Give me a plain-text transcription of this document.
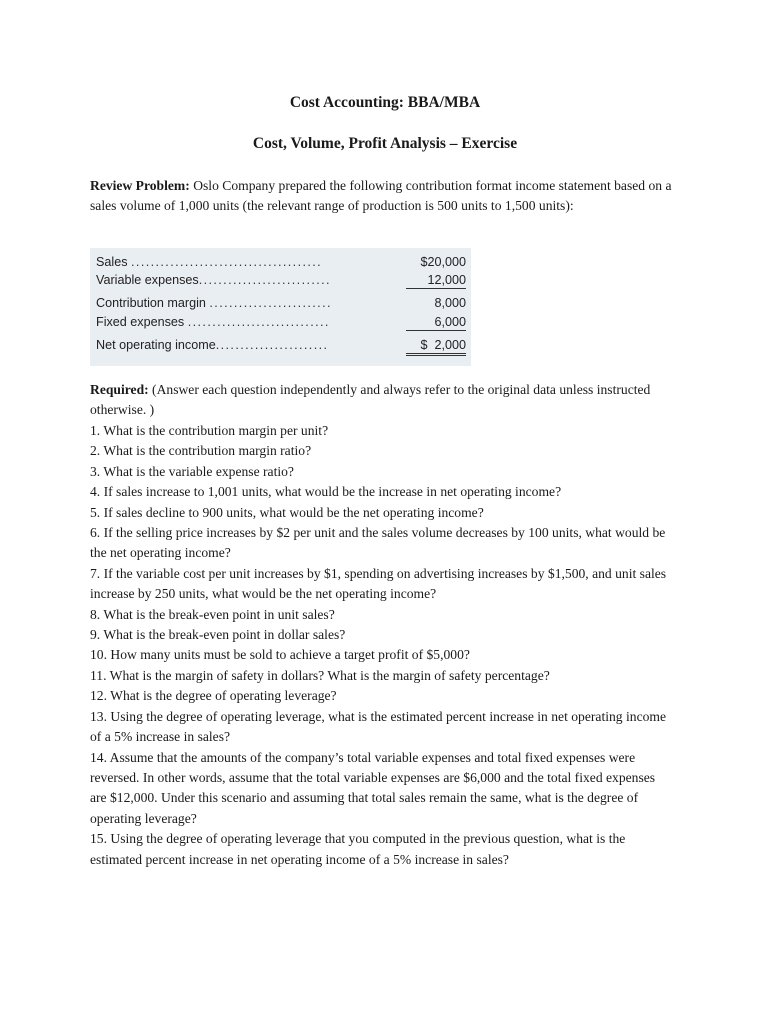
Cost Accounting: BBA/MBA
Cost, Volume, Profit Analysis – Exercise
Review Problem: Oslo Company prepared the following contribution format income statement based on a sales volume of 1,000 units (the relevant range of production is 500 units to 1,500 units):
Sales .......................................	$20,000
Variable expenses...........................	12,000
Contribution margin .........................	8,000
Fixed expenses .............................	6,000
Net operating income.......................	$  2,000
Required: (Answer each question independently and always refer to the original data unless instructed otherwise. )
1. What is the contribution margin per unit?
2. What is the contribution margin ratio?
3. What is the variable expense ratio?
4. If sales increase to 1,001 units, what would be the increase in net operating income?
5. If sales decline to 900 units, what would be the net operating income?
6. If the selling price increases by $2 per unit and the sales volume decreases by 100 units, what would be the net operating income?
7. If the variable cost per unit increases by $1, spending on advertising increases by $1,500, and unit sales increase by 250 units, what would be the net operating income?
8. What is the break-even point in unit sales?
9. What is the break-even point in dollar sales?
10. How many units must be sold to achieve a target profit of $5,000?
11. What is the margin of safety in dollars? What is the margin of safety percentage?
12. What is the degree of operating leverage?
13. Using the degree of operating leverage, what is the estimated percent increase in net operating income of a 5% increase in sales?
14. Assume that the amounts of the company’s total variable expenses and total fixed expenses were reversed. In other words, assume that the total variable expenses are $6,000 and the total fixed expenses are $12,000. Under this scenario and assuming that total sales remain the same, what is the degree of operating leverage?
15. Using the degree of operating leverage that you computed in the previous question, what is the estimated percent increase in net operating income of a 5% increase in sales?
